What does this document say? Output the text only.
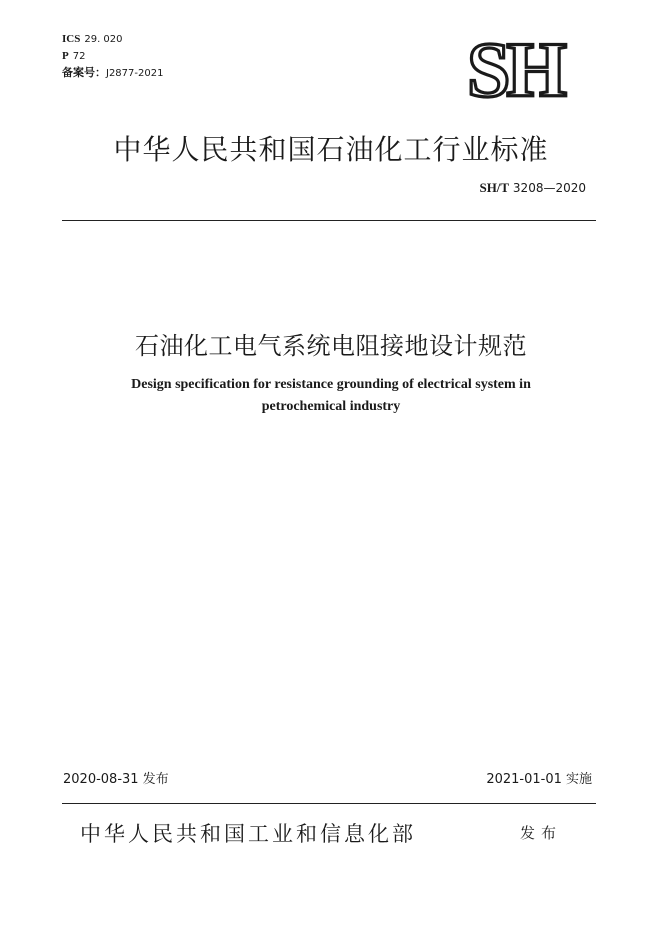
ICS 29. 020
P 72
备案号：J2877-2021	SH
中华人民共和国石油化工行业标准
SH/T 3208—2020
石油化工电气系统电阻接地设计规范
Design specification for resistance grounding of electrical system in
petrochemical industry
2020-08-31 发布	2021-01-01 实施
中华人民共和国工业和信息化部	发布
